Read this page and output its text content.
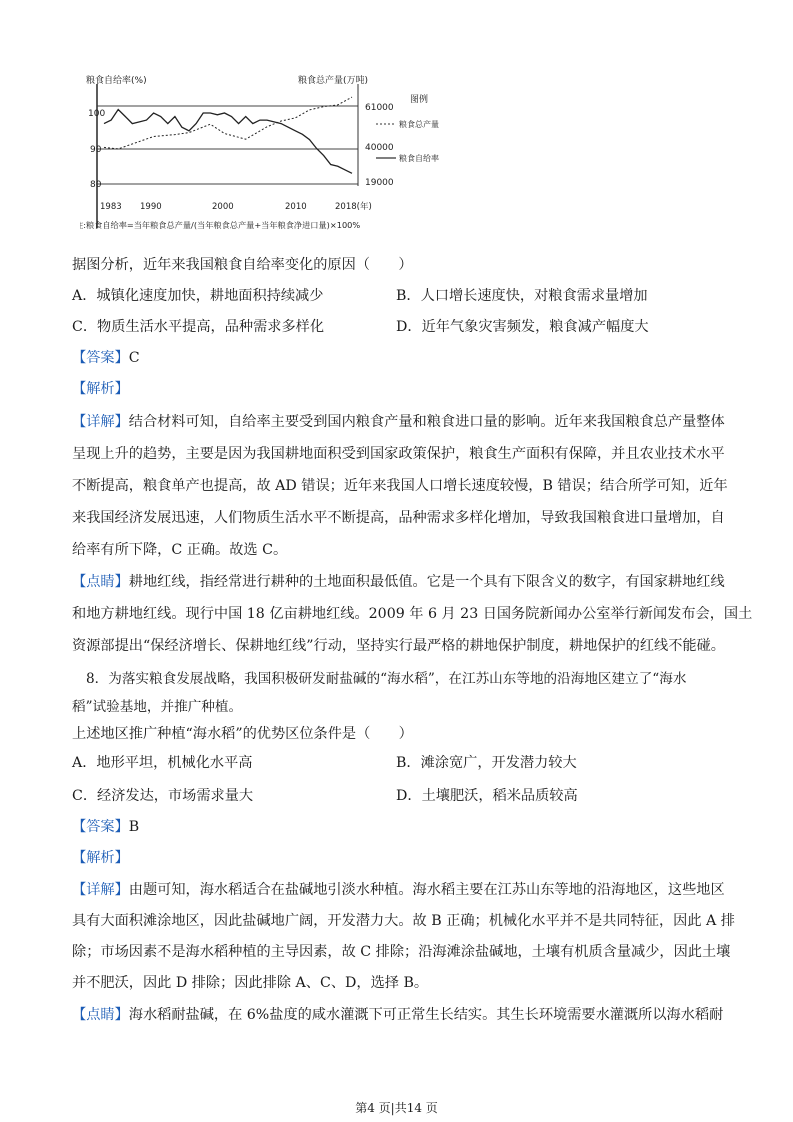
粮食自给率(%)	粮食总产量(万吨)
100
90
80
61000
40000
19000
1983 1990	2000	2010	2018(年)
图例
粮食总产量
粮食自给率
注:粮食自给率=当年粮食总产量/(当年粮食总产量+当年粮食净进口量)×100%
据图分析，近年来我国粮食自给率变化的原因（　　）
A．城镇化速度加快，耕地面积持续减少	B．人口增长速度快，对粮食需求量增加
C．物质生活水平提高，品种需求多样化	D．近年气象灾害频发，粮食减产幅度大
【答案】C
【解析】
【详解】结合材料可知，自给率主要受到国内粮食产量和粮食进口量的影响。近年来我国粮食总产量整体
呈现上升的趋势，主要是因为我国耕地面积受到国家政策保护，粮食生产面积有保障，并且农业技术水平
不断提高，粮食单产也提高，故 AD 错误；近年来我国人口增长速度较慢，B 错误；结合所学可知，近年
来我国经济发展迅速，人们物质生活水平不断提高，品种需求多样化增加，导致我国粮食进口量增加，自
给率有所下降，C 正确。故选 C。
【点睛】耕地红线，指经常进行耕种的土地面积最低值。它是一个具有下限含义的数字，有国家耕地红线
和地方耕地红线。现行中国 18 亿亩耕地红线。2009 年 6 月 23 日国务院新闻办公室举行新闻发布会，国土
资源部提出“保经济增长、保耕地红线”行动，坚持实行最严格的耕地保护制度，耕地保护的红线不能碰。
8．为落实粮食发展战略，我国积极研发耐盐碱的“海水稻”，在江苏山东等地的沿海地区建立了“海水
稻”试验基地，并推广种植。
上述地区推广种植“海水稻”的优势区位条件是（　　）
A．地形平坦，机械化水平高	B．滩涂宽广，开发潜力较大
C．经济发达，市场需求量大	D．土壤肥沃，稻米品质较高
【答案】B
【解析】
【详解】由题可知，海水稻适合在盐碱地引淡水种植。海水稻主要在江苏山东等地的沿海地区，这些地区
具有大面积滩涂地区，因此盐碱地广阔，开发潜力大。故 B 正确；机械化水平并不是共同特征，因此 A 排
除；市场因素不是海水稻种植的主导因素，故 C 排除；沿海滩涂盐碱地，土壤有机质含量减少，因此土壤
并不肥沃，因此 D 排除；因此排除 A、C、D，选择 B。
【点睛】海水稻耐盐碱，在 6%盐度的咸水灌溉下可正常生长结实。其生长环境需要水灌溉所以海水稻耐
第4 页|共14 页
